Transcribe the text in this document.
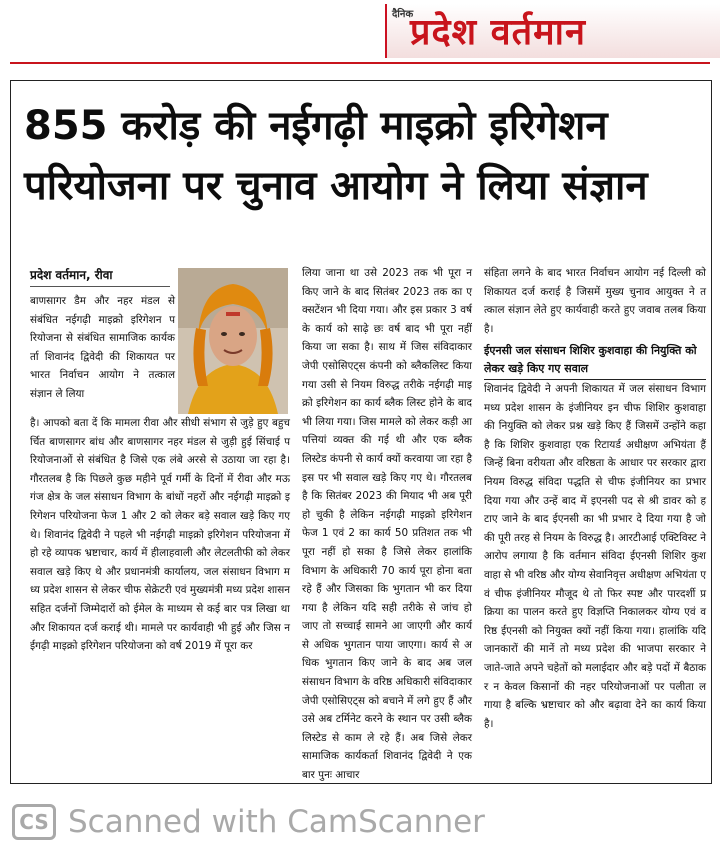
दैनिक
प्रदेश वर्तमान
855 करोड़ की नईगढ़ी माइक्रो इरिगेशन
परियोजना पर चुनाव आयोग ने लिया संज्ञान
प्रदेश वर्तमान, रीवा
बाणसागर डैम और नहर मंडल से संबंधित नईगढ़ी माइक्रो इरिगेशन परियोजना से संबंधित सामाजिक कार्यकर्ता शिवानंद द्विवेदी की शिकायत पर भारत निर्वाचन आयोग ने तत्काल संज्ञान ले लिया
है। आपको बता दें कि मामला रीवा और सीधी संभाग से जुड़े हुए बहुचर्चित बाणसागर बांध और बाणसागर नहर मंडल से जुड़ी हुई सिंचाई परियोजनाओं से संबंधित है जिसे एक लंबे अरसे से उठाया जा रहा है। गौरतलब है कि पिछले कुछ महीने पूर्व गर्मी के दिनों में रीवा और मऊगंज क्षेत्र के जल संसाधन विभाग के बांधों नहरों और नईगढ़ी माइक्रो इरिगेशन परियोजना फेज 1 और 2 को लेकर बड़े सवाल खड़े किए गए थे। शिवानंद द्विवेदी ने पहले भी नईगढ़ी माइक्रो इरिगेशन परियोजना में हो रहे व्यापक भ्रष्टाचार, कार्य में हीलाहवाली और लेटलतीफी को लेकर सवाल खड़े किए थे और प्रधानमंत्री कार्यालय, जल संसाधन विभाग मध्य प्रदेश शासन से लेकर चीफ सेक्रेटरी एवं मुख्यमंत्री मध्य प्रदेश शासन सहित दर्जनों जिम्मेदारों को ईमेल के माध्यम से कई बार पत्र लिखा था और शिकायत दर्ज कराई थी। मामले पर कार्यवाही भी हुई और जिस नईगढ़ी माइक्रो इरिगेशन परियोजना को वर्ष 2019 में पूरा कर
लिया जाना था उसे 2023 तक भी पूरा न किए जाने के बाद सितंबर 2023 तक का एक्सटेंशन भी दिया गया। और इस प्रकार 3 वर्ष के कार्य को साढ़े छः वर्ष बाद भी पूरा नहीं किया जा सका है। साथ में जिस संविदाकार जेपी एसोसिएट्स कंपनी को ब्लैकलिस्ट किया गया उसी से नियम विरुद्ध तरीके नईगढ़ी माइक्रो इरिगेशन का कार्य ब्लैक लिस्ट होने के बाद भी लिया गया। जिस मामले को लेकर कड़ी आपत्तियां व्यक्त की गई थी और एक ब्लैक लिस्टेड कंपनी से कार्य क्यों करवाया जा रहा है इस पर भी सवाल खड़े किए गए थे। गौरतलब है कि सितंबर 2023 की मियाद भी अब पूरी हो चुकी है लेकिन नईगढ़ी माइक्रो इरिगेशन फेज 1 एवं 2 का कार्य 50 प्रतिशत तक भी पूरा नहीं हो सका है जिसे लेकर हालांकि विभाग के अधिकारी 70 कार्य पूरा होना बता रहे हैं और जिसका कि भुगतान भी कर दिया गया है लेकिन यदि सही तरीके से जांच हो जाए तो सच्चाई सामने आ जाएगी और कार्य से अधिक भुगतान पाया जाएगा। कार्य से अधिक भुगतान किए जाने के बाद अब जल संसाधन विभाग के वरिष्ठ अधिकारी संविदाकार जेपी एसोसिएट्स को बचाने में लगे हुए हैं और उसे अब टर्मिनेट करने के स्थान पर उसी ब्लैकलिस्टेड से काम ले रहे हैं। अब जिसे लेकर सामाजिक कार्यकर्ता शिवानंद द्विवेदी ने एक बार पुनः आचार
संहिता लगने के बाद भारत निर्वाचन आयोग नई दिल्ली को शिकायत दर्ज कराई है जिसमें मुख्य चुनाव आयुक्त ने तत्काल संज्ञान लेते हुए कार्यवाही करते हुए जवाब तलब किया है।
ईएनसी जल संसाधन शिशिर कुशवाहा की नियुक्ति को लेकर खड़े किए गए सवाल
शिवानंद द्विवेदी ने अपनी शिकायत में जल संसाधन विभाग मध्य प्रदेश शासन के इंजीनियर इन चीफ शिशिर कुशवाहा की नियुक्ति को लेकर प्रश्न खड़े किए हैं जिसमें उन्होंने कहा है कि शिशिर कुशवाहा एक रिटायर्ड अधीक्षण अभियंता हैं जिन्हें बिना वरीयता और वरिष्ठता के आधार पर सरकार द्वारा नियम विरुद्ध संविदा पद्धति से चीफ इंजीनियर का प्रभार दिया गया और उन्हें बाद में इएनसी पद से श्री डावर को हटाए जाने के बाद ईएनसी का भी प्रभार दे दिया गया है जो की पूरी तरह से नियम के विरुद्ध है। आरटीआई एक्टिविस्ट ने आरोप लगाया है कि वर्तमान संविदा ईएनसी शिशिर कुशवाहा से भी वरिष्ठ और योग्य सेवानिवृत्त अधीक्षण अभियंता एवं चीफ इंजीनियर मौजूद थे तो फिर स्पष्ट और पारदर्शी प्रक्रिया का पालन करते हुए विज्ञप्ति निकालकर योग्य एवं वरिष्ठ ईएनसी को नियुक्त क्यों नहीं किया गया। हालांकि यदि जानकारों की मानें तो मध्य प्रदेश की भाजपा सरकार ने जाते-जाते अपने चहेतों को मलाईदार और बड़े पदों में बैठाकर न केवल किसानों की नहर परियोजनाओं पर पलीता लगाया है बल्कि भ्रष्टाचार को और बढ़ावा देने का कार्य किया है।
CS Scanned with CamScanner
